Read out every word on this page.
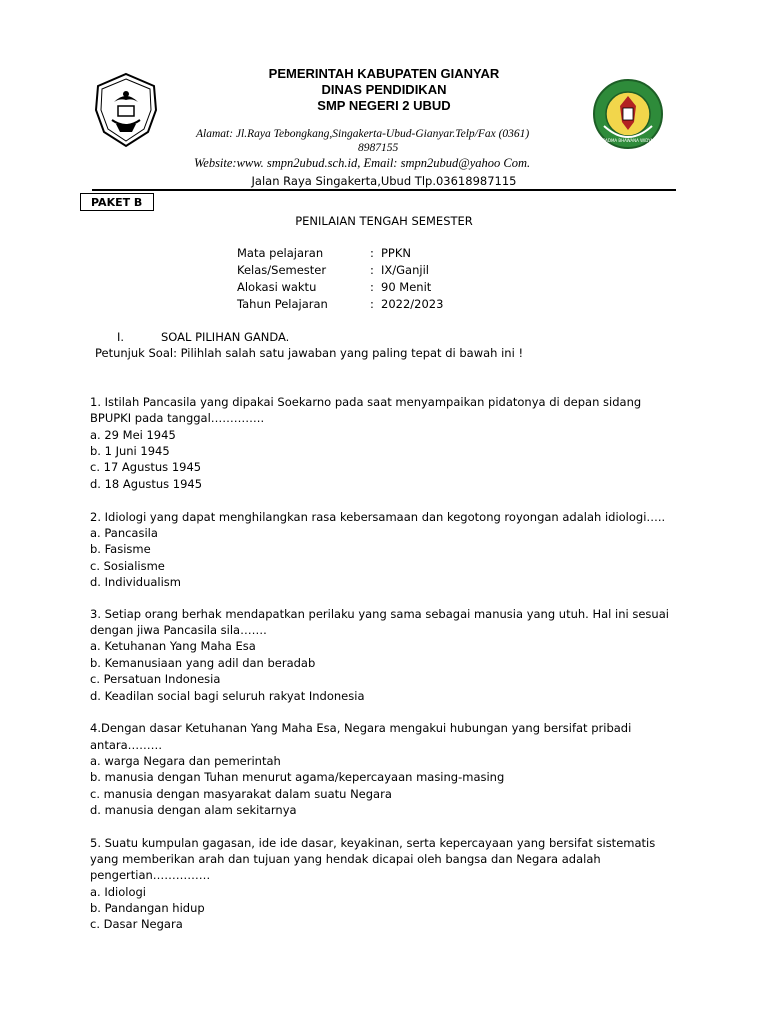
PADMA BHAWANA WIDYA
PEMERINTAH KABUPATEN GIANYAR
DINAS PENDIDIKAN
SMP NEGERI 2 UBUD
Alamat: Jl.Raya Tebongkang,Singakerta-Ubud-Gianyar.Telp/Fax (0361)
8987155
Website:www. smpn2ubud.sch.id, Email: smpn2ubud@yahoo Com.
Jalan Raya Singakerta,Ubud Tlp.03618987115
PAKET B
PENILAIAN TENGAH SEMESTER
Mata pelajaran	: PPKN
Kelas/Semester	: IX/Ganjil
Alokasi waktu	: 90 Menit
Tahun Pelajaran	: 2022/2023
I.	SOAL PILIHAN GANDA.
Petunjuk Soal: Pilihlah salah satu jawaban yang paling tepat di bawah ini !
1. Istilah Pancasila yang dipakai Soekarno pada saat menyampaikan pidatonya di depan sidang
BPUPKI pada tanggal…………..
a. 29 Mei 1945
b. 1 Juni 1945
c. 17 Agustus 1945
d. 18 Agustus 1945
2. Idiologi yang dapat menghilangkan rasa kebersamaan dan kegotong royongan adalah idiologi…..
a. Pancasila
b. Fasisme
c. Sosialisme
d. Individualism
3. Setiap orang berhak mendapatkan perilaku yang sama sebagai manusia yang utuh. Hal ini sesuai
dengan jiwa Pancasila sila…….
a. Ketuhanan Yang Maha Esa
b. Kemanusiaan yang adil dan beradab
c. Persatuan Indonesia
d. Keadilan social bagi seluruh rakyat Indonesia
4.Dengan dasar Ketuhanan Yang Maha Esa, Negara mengakui hubungan yang bersifat pribadi
antara………
a. warga Negara dan pemerintah
b. manusia dengan Tuhan menurut agama/kepercayaan masing-masing
c. manusia dengan masyarakat dalam suatu Negara
d. manusia dengan alam sekitarnya
5. Suatu kumpulan gagasan, ide ide dasar, keyakinan, serta kepercayaan yang bersifat sistematis
yang memberikan arah dan tujuan yang hendak dicapai oleh bangsa dan Negara adalah
pengertian……………
a. Idiologi
b. Pandangan hidup
c. Dasar Negara
